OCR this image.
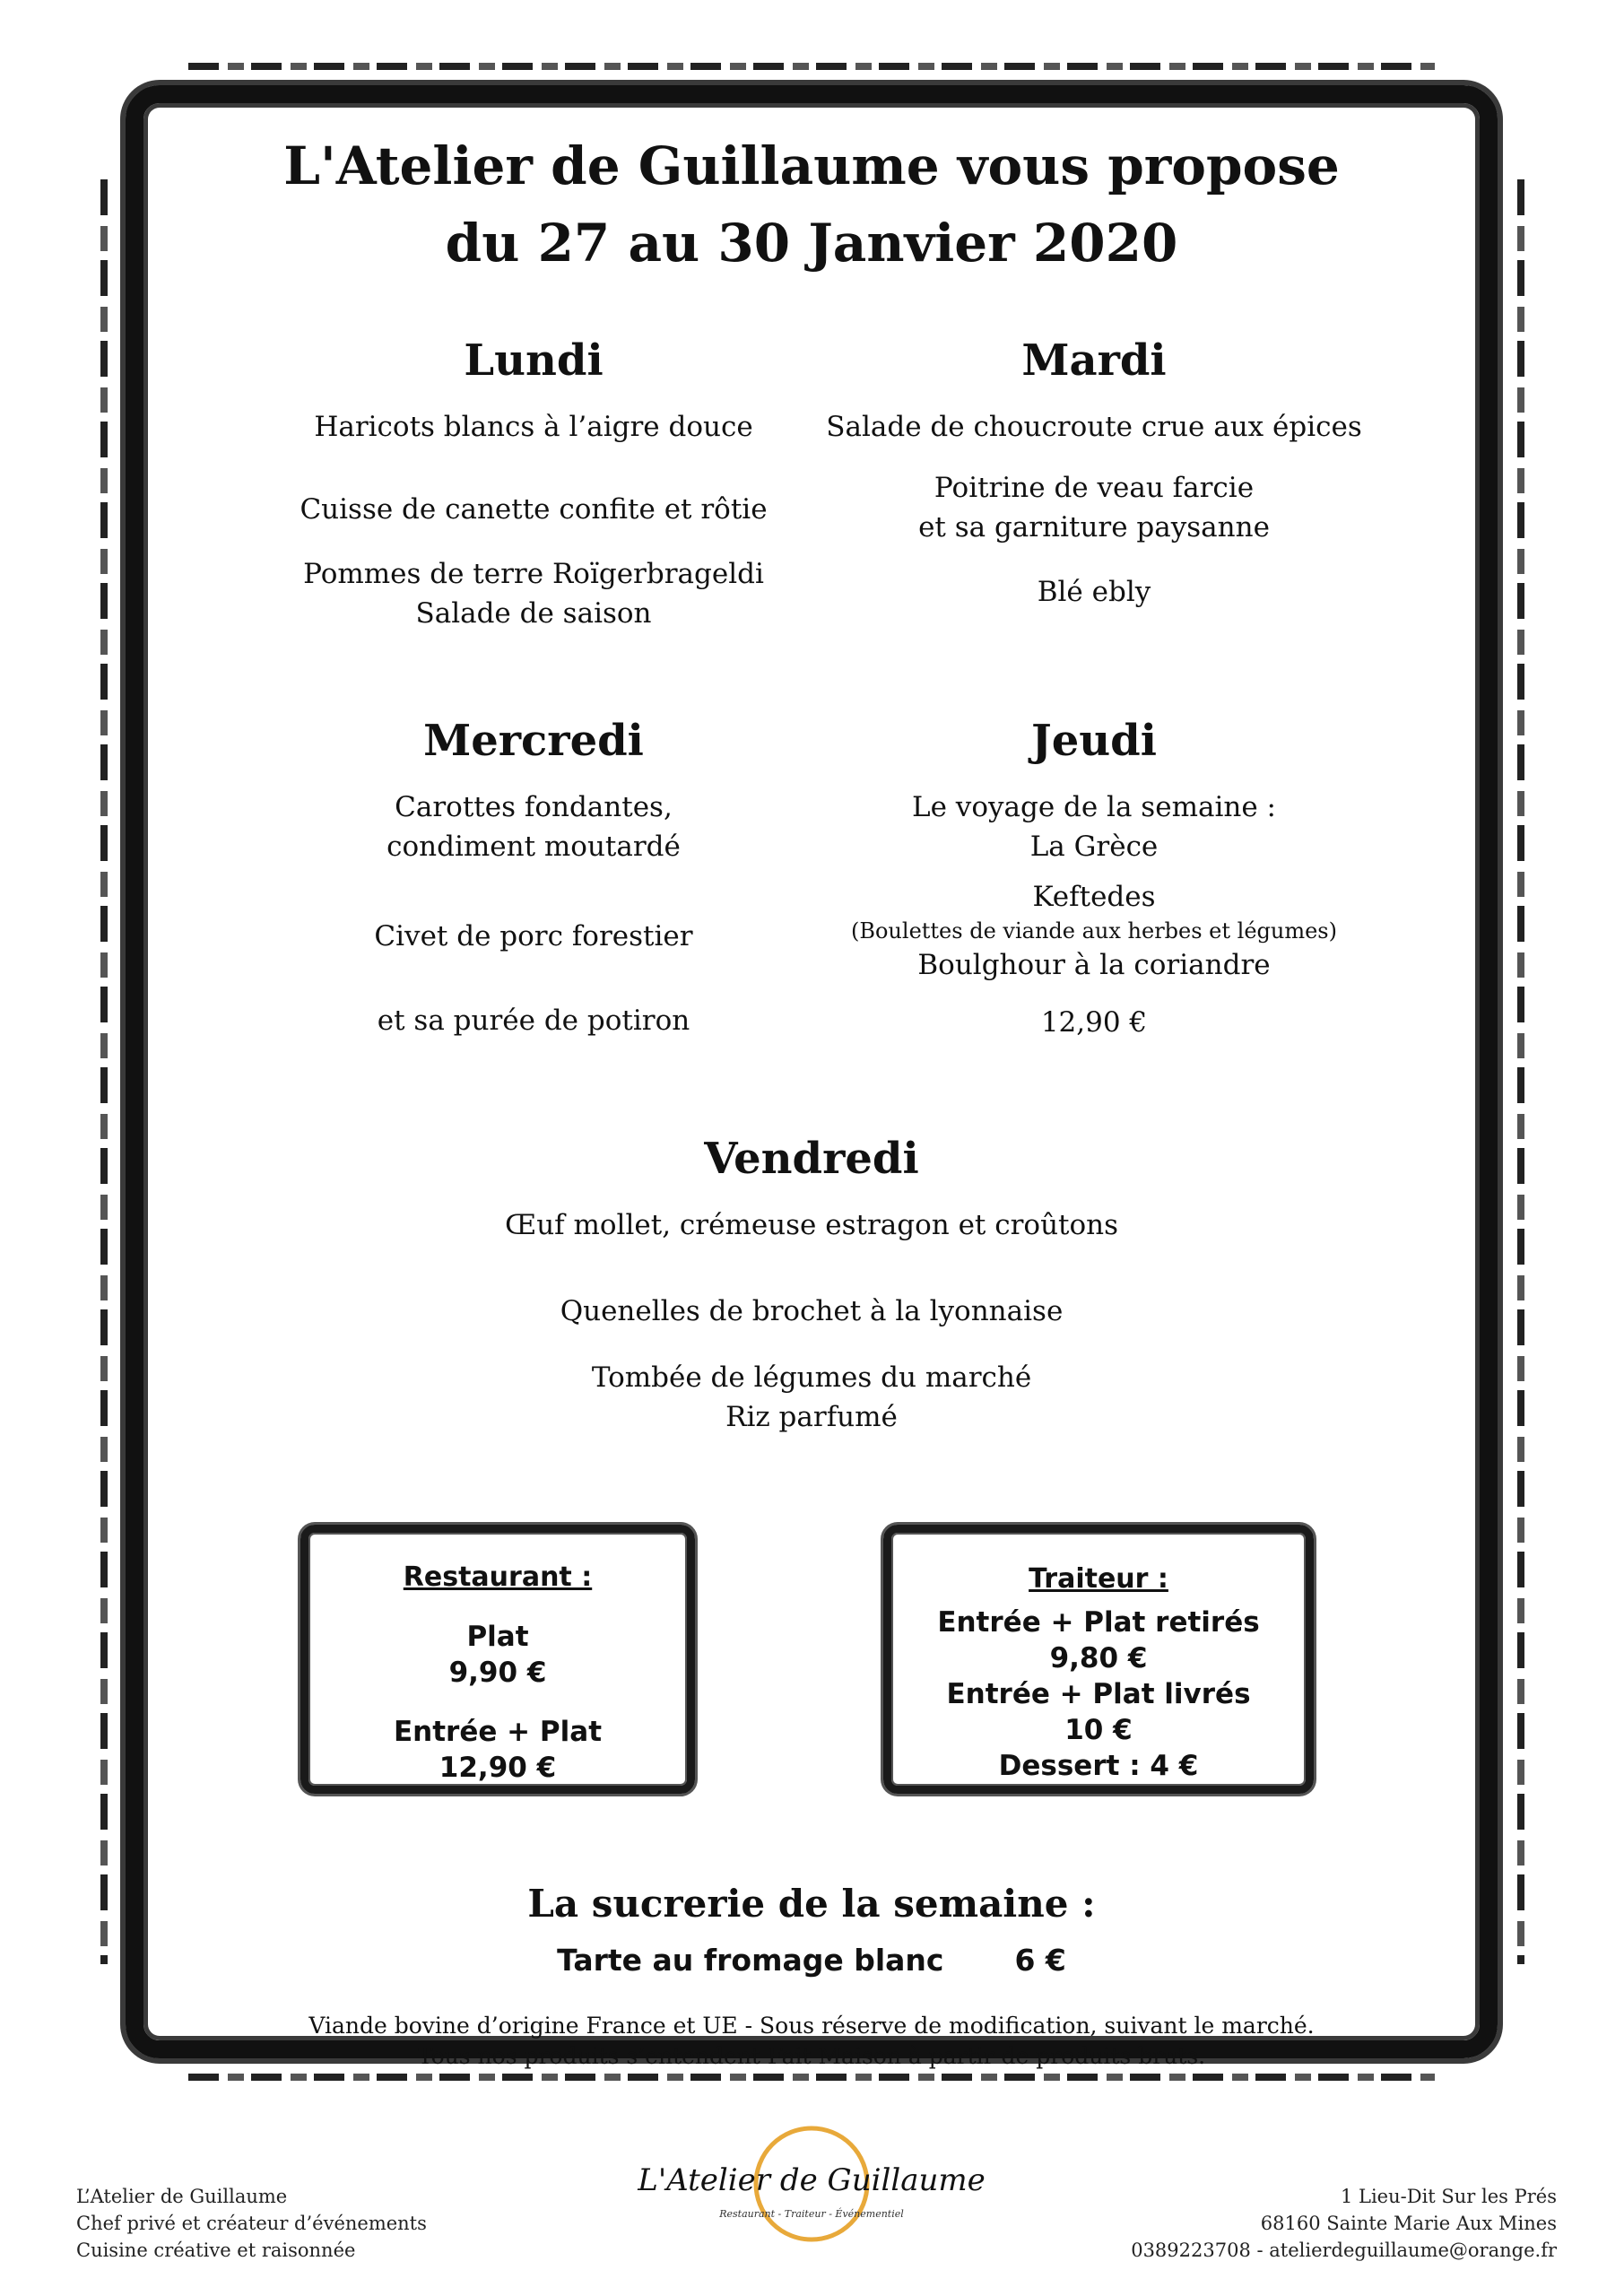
L'Atelier de Guillaume vous propose
du 27 au 30 Janvier 2020
Lundi
Haricots blancs à l’aigre douce
Cuisse de canette confite et rôtie
Pommes de terre Roïgerbrageldi
Salade de saison
Mardi
Salade de choucroute crue aux épices
Poitrine de veau farcie
et sa garniture paysanne
Blé ebly
Mercredi
Carottes fondantes,
condiment moutardé
Civet de porc forestier
et sa purée de potiron
Jeudi
Le voyage de la semaine :
La Grèce
Keftedes
(Boulettes de viande aux herbes et légumes)
Boulghour à la coriandre
12,90 €
Vendredi
Œuf mollet, crémeuse estragon et croûtons
Quenelles de brochet à la lyonnaise
Tombée de légumes du marché
Riz parfumé
Restaurant :
Plat
9,90 €
Entrée + Plat
12,90 €
Traiteur :
Entrée + Plat retirés
9,80 €
Entrée + Plat livrés
10 €
Dessert : 4 €
La sucrerie de la semaine :
Tarte au fromage blanc 6 €
Viande bovine d’origine France et UE - Sous réserve de modification, suivant le marché.
Tous nos produits s’entendent Fait Maison à partir de produits bruts.
L’Atelier de Guillaume
Chef privé et créateur d’événements
Cuisine créative et raisonnée
L'Atelier de Guillaume
Restaurant - Traiteur - Événementiel
1 Lieu-Dit Sur les Prés
68160 Sainte Marie Aux Mines
0389223708 - atelierdeguillaume@orange.fr
